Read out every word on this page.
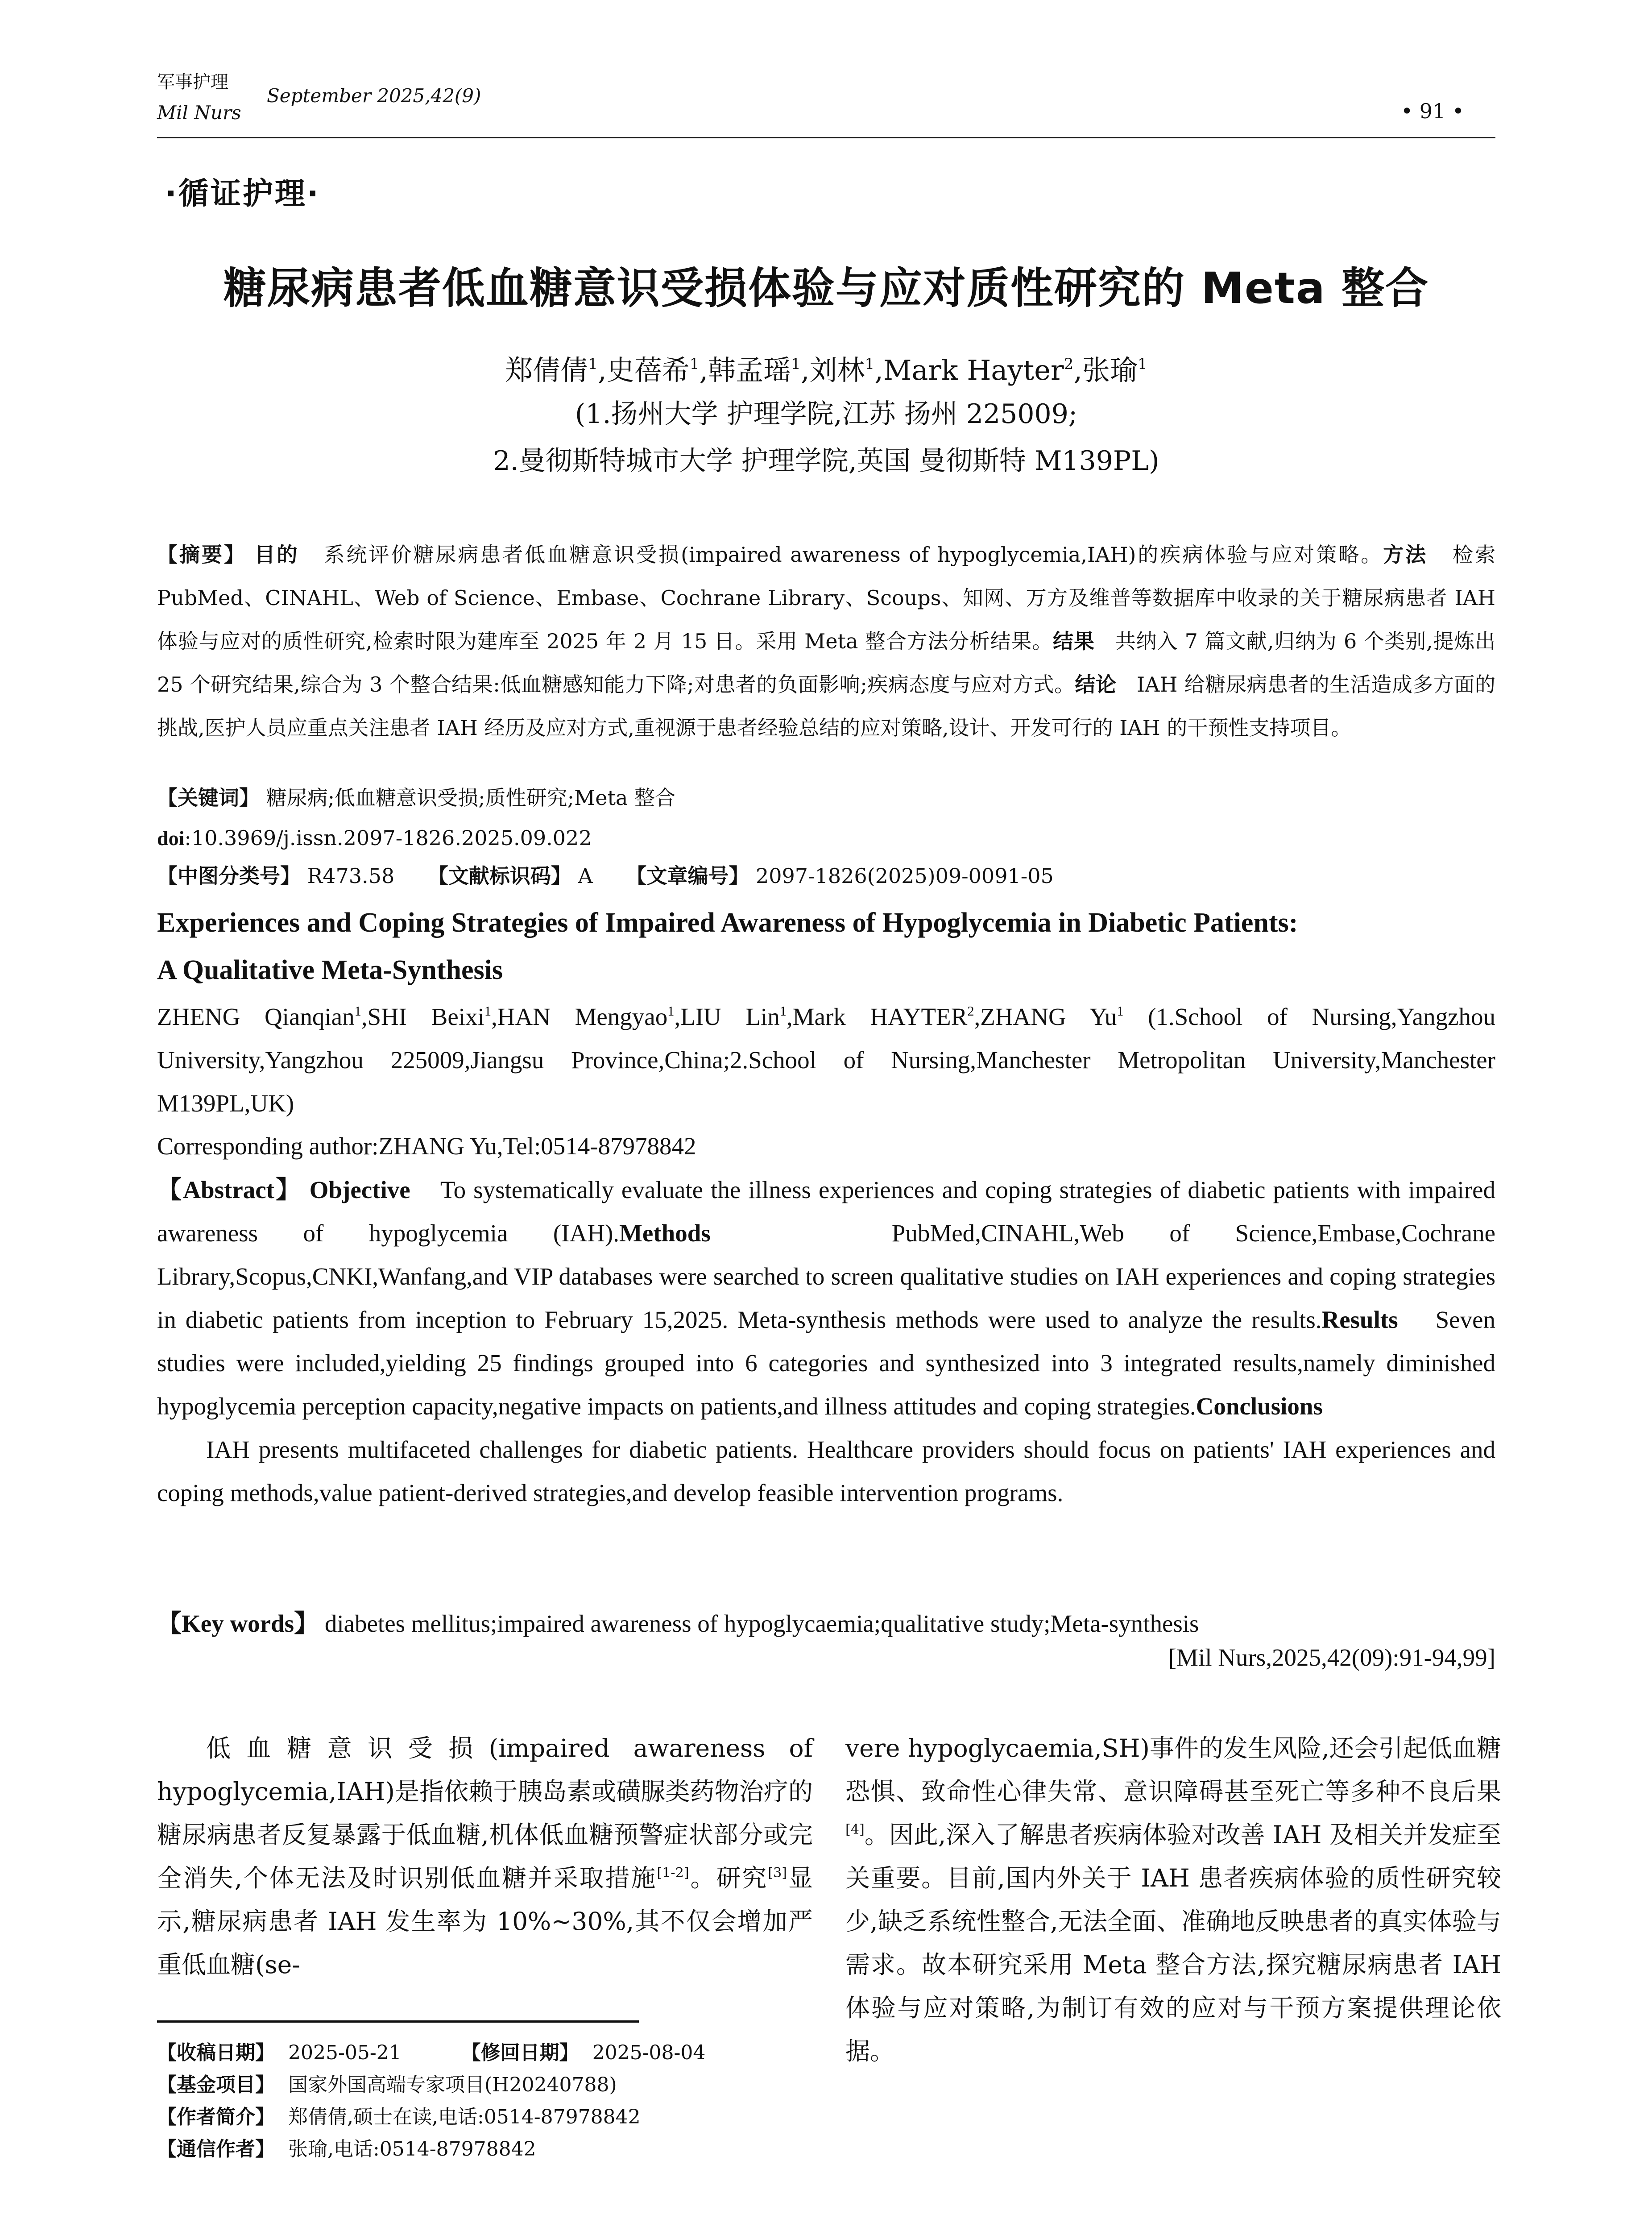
军事护理
Mil Nurs
September 2025,42(9)
• 91 •
·循证护理·
糖尿病患者低血糖意识受损体验与应对质性研究的 Meta 整合
郑倩倩$^1$,史蓓希$^1$,韩孟瑶$^1$,刘林$^1$,Mark Hayter$^2$,张瑜$^1$
(1.扬州大学 护理学院,江苏 扬州 225009;
2.曼彻斯特城市大学 护理学院,英国 曼彻斯特 M139PL)
【摘要】 目的 系统评价糖尿病患者低血糖意识受损(impaired awareness of hypoglycemia,IAH)的疾病体验与应对策略。方法 检索 PubMed、CINAHL、Web of Science、Embase、Cochrane Library、Scoups、知网、万方及维普等数据库中收录的关于糖尿病患者 IAH 体验与应对的质性研究,检索时限为建库至 2025 年 2 月 15 日。采用 Meta 整合方法分析结果。结果 共纳入 7 篇文献,归纳为 6 个类别,提炼出 25 个研究结果,综合为 3 个整合结果:低血糖感知能力下降;对患者的负面影响;疾病态度与应对方式。结论 IAH 给糖尿病患者的生活造成多方面的挑战,医护人员应重点关注患者 IAH 经历及应对方式,重视源于患者经验总结的应对策略,设计、开发可行的 IAH 的干预性支持项目。
【关键词】 糖尿病;低血糖意识受损;质性研究;Meta 整合
doi:10.3969/j.issn.2097-1826.2025.09.022
【中图分类号】 R473.58 【文献标识码】 A 【文章编号】 2097-1826(2025)09-0091-05
Experiences and Coping Strategies of Impaired Awareness of Hypoglycemia in Diabetic Patients:
A Qualitative Meta-Synthesis
ZHENG Qianqian$^1$,SHI Beixi$^1$,HAN Mengyao$^1$,LIU Lin$^1$,Mark HAYTER$^2$,ZHANG Yu$^1$ (1.School of Nursing,Yangzhou University,Yangzhou 225009,Jiangsu Province,China;2.School of Nursing,Manchester Metropolitan University,Manchester M139PL,UK)
Corresponding author:ZHANG Yu,Tel:0514-87978842
【Abstract】 Objective To systematically evaluate the illness experiences and coping strategies of diabetic patients with impaired awareness of hypoglycemia (IAH).Methods	PubMed,CINAHL,Web of Science,Embase,Cochrane Library,Scopus,CNKI,Wanfang,and VIP databases were searched to screen qualitative studies on IAH experiences and coping strategies in diabetic patients from inception to February 15,2025. Meta-synthesis methods were used to analyze the results.Results Seven studies were included,yielding 25 findings grouped into 6 categories and synthesized into 3 integrated results,namely diminished hypoglycemia perception capacity,negative impacts on patients,and illness attitudes and coping strategies.Conclusions
IAH presents multifaceted challenges for diabetic patients. Healthcare providers should focus on patients' IAH experiences and coping methods,value patient-derived strategies,and develop feasible intervention programs.
【Key words】 diabetes mellitus;impaired awareness of hypoglycaemia;qualitative study;Meta-synthesis
[Mil Nurs,2025,42(09):91-94,99]
低血糖意识受损(impaired awareness of hypoglycemia,IAH)是指依赖于胰岛素或磺脲类药物治疗的糖尿病患者反复暴露于低血糖,机体低血糖预警症状部分或完全消失,个体无法及时识别低血糖并采取措施[1-2]。研究[3]显示,糖尿病患者 IAH 发生率为 10%~30%,其不仅会增加严重低血糖(se-
vere hypoglycaemia,SH)事件的发生风险,还会引起低血糖恐惧、致命性心律失常、意识障碍甚至死亡等多种不良后果[4]。因此,深入了解患者疾病体验对改善 IAH 及相关并发症至关重要。目前,国内外关于 IAH 患者疾病体验的质性研究较少,缺乏系统性整合,无法全面、准确地反映患者的真实体验与需求。故本研究采用 Meta 整合方法,探究糖尿病患者 IAH 体验与应对策略,为制订有效的应对与干预方案提供理论依据。
【收稿日期】 2025-05-21	【修回日期】 2025-08-04
【基金项目】 国家外国高端专家项目(H20240788)
【作者简介】 郑倩倩,硕士在读,电话:0514-87978842
【通信作者】 张瑜,电话:0514-87978842
